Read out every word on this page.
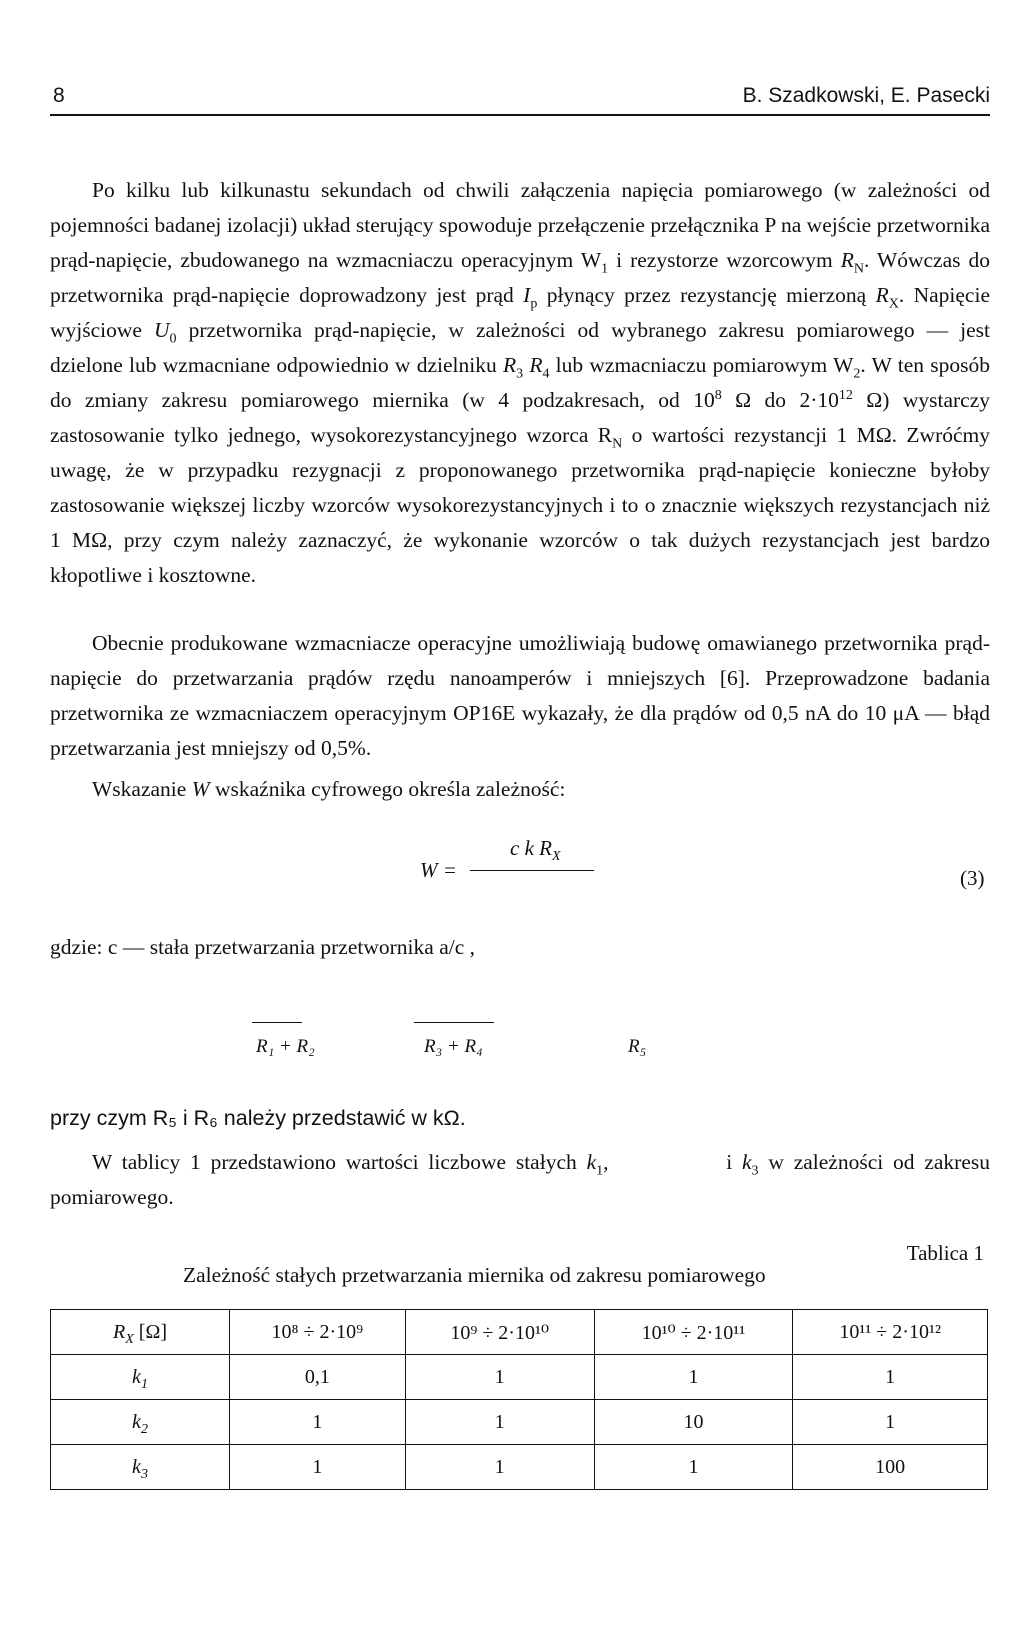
8	B. Szadkowski, E. Pasecki

Po kilku lub kilkunastu sekundach od chwili załączenia napięcia pomiarowego (w zależności od pojemności badanej izolacji) układ sterujący spowoduje przełączenie przełącznika P na wejście przetwornika prąd-napięcie, zbudowanego na wzmacniaczu operacyjnym $W_1$ i rezystorze wzorcowym $R_N$. Wówczas do przetwornika prąd-napięcie doprowadzony jest prąd $I_p$ płynący przez rezystancję mierzoną $R_X$. Napięcie wyjściowe $U_0$ przetwornika prąd-napięcie, w zależności od wybranego zakresu pomiarowego — jest dzielone lub wzmacniane odpowiednio w dzielniku $R_3$ $R_4$ lub wzmacniaczu pomiarowym $W_2$. W ten sposób do zmiany zakresu pomiarowego miernika (w 4 podzakresach, od $10^8$ Ω do $2\cdot 10^{12}$ Ω) wystarczy zastosowanie tylko jednego, wysokorezystancyjnego wzorca $R_N$ o wartości rezystancji 1 MΩ. Zwróćmy uwagę, że w przypadku rezygnacji z proponowanego przetwornika prąd-napięcie konieczne byłoby zastosowanie większej liczby wzorców wysokorezystancyjnych i to o znacznie większych rezystancjach niż 1 MΩ, przy czym należy zaznaczyć, że wykonanie wzorców o tak dużych rezystancjach jest bardzo kłopotliwe i kosztowne.

Obecnie produkowane wzmacniacze operacyjne umożliwiają budowę omawianego przetwornika prąd-napięcie do przetwarzania prądów rzędu nanoamperów i mniejszych [6]. Przeprowadzone badania przetwornika ze wzmacniaczem operacyjnym OP16E wykazały, że dla prądów od 0,5 nA do 10 μA — błąd przetwarzania jest mniejszy od 0,5%.

Wskazanie W wskaźnika cyfrowego określa zależność:

W =
c k $R_X$
(3)
gdzie: c — stała przetwarzania przetwornika a/c ,
R₁ + R₂	R₃ + R₄	R₅
przy czym R₅ i R₆ należy przedstawić w kΩ.

W tablicy 1 przedstawiono wartości liczbowe stałych $k_1$,            i $k_3$ w zależności od zakresu pomiarowego.

Tablica 1
Zależność stałych przetwarzania miernika od zakresu pomiarowego
$R_X$ [Ω]	10⁸ ÷ 2·10⁹	10⁹ ÷ 2·10¹⁰	10¹⁰ ÷ 2·10¹¹	10¹¹ ÷ 2·10¹²
$k_1$	0,1	1	1	1
$k_2$	1	1	10	1
$k_3$	1	1	1	100
